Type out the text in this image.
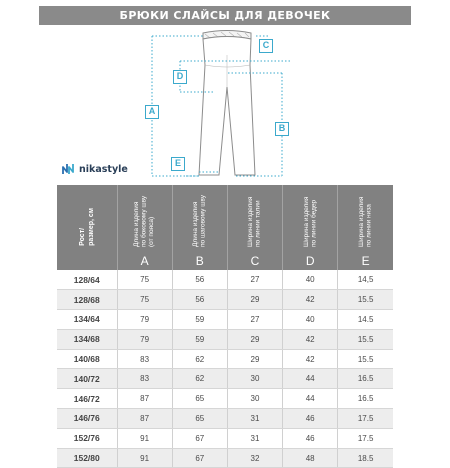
БРЮКИ СЛАЙСЫ ДЛЯ ДЕВОЧЕК
C
D
A
B
E
nikastyle
Рост/
размер, см	Длина изделия
по боковому шву
(от пояса)	Длина изделия
по шаговому шву	Ширина изделия
по линии талии	Ширина изделия
по линии бедер	Ширина изделия
по линии низа
	A	B	C	D	E
128/64	75	56	27	40	14,5
128/68	75	56	29	42	15.5
134/64	79	59	27	40	14.5
134/68	79	59	29	42	15.5
140/68	83	62	29	42	15.5
140/72	83	62	30	44	16.5
146/72	87	65	30	44	16.5
146/76	87	65	31	46	17.5
152/76	91	67	31	46	17.5
152/80	91	67	32	48	18.5
